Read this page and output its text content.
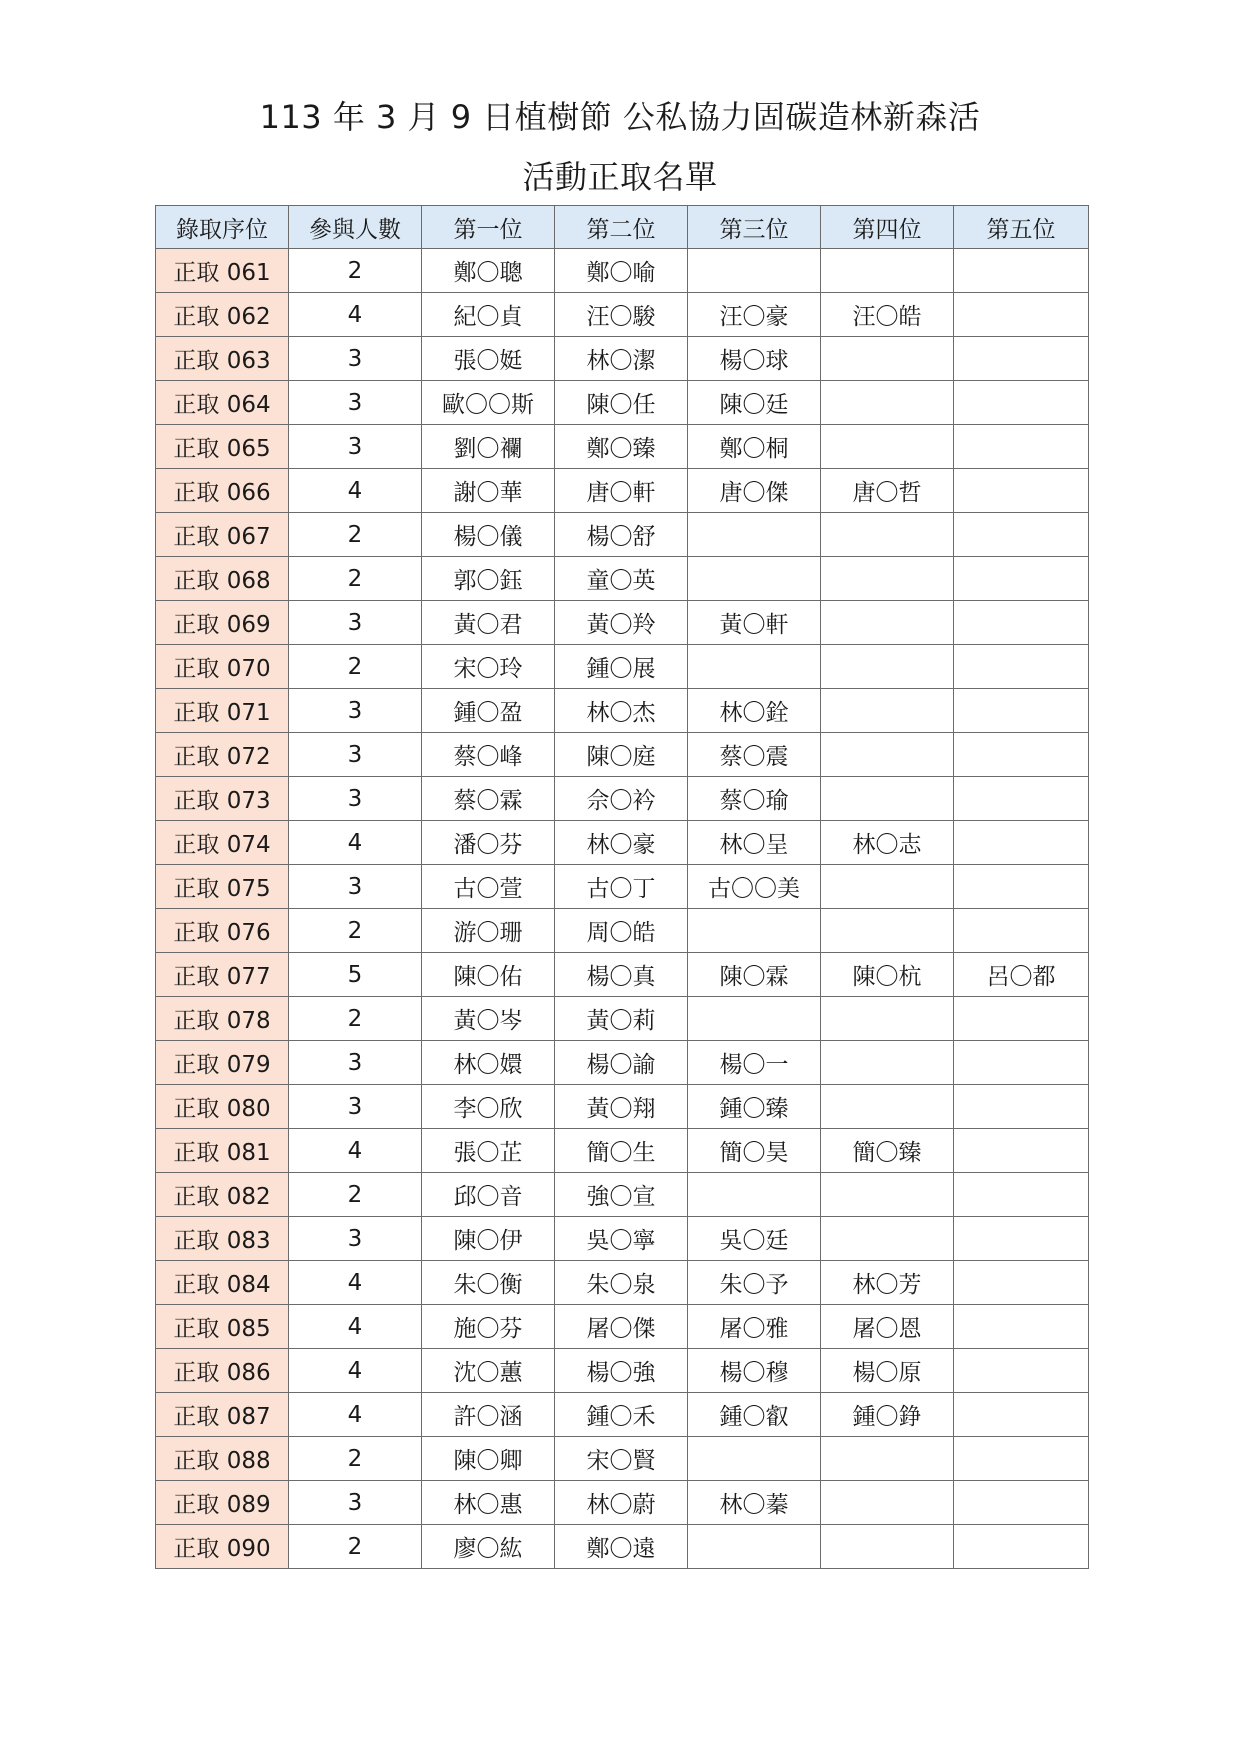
113 年 3 月 9 日植樹節 公私協力固碳造林新森活
活動正取名單
錄取序位	參與人數	第一位	第二位	第三位	第四位	第五位
正取 061	2	鄭〇聰	鄭〇喻			
正取 062	4	紀〇貞	汪〇駿	汪〇豪	汪〇皓	
正取 063	3	張〇娗	林〇潔	楊〇球		
正取 064	3	歐〇〇斯	陳〇任	陳〇廷		
正取 065	3	劉〇襴	鄭〇臻	鄭〇桐		
正取 066	4	謝〇華	唐〇軒	唐〇傑	唐〇哲	
正取 067	2	楊〇儀	楊〇舒			
正取 068	2	郭〇鈺	童〇英			
正取 069	3	黃〇君	黃〇羚	黃〇軒		
正取 070	2	宋〇玲	鍾〇展			
正取 071	3	鍾〇盈	林〇杰	林〇銓		
正取 072	3	蔡〇峰	陳〇庭	蔡〇震		
正取 073	3	蔡〇霖	佘〇衿	蔡〇瑜		
正取 074	4	潘〇芬	林〇豪	林〇呈	林〇志	
正取 075	3	古〇萱	古〇丁	古〇〇美		
正取 076	2	游〇珊	周〇皓			
正取 077	5	陳〇佑	楊〇真	陳〇霖	陳〇杭	呂〇都
正取 078	2	黃〇岑	黃〇莉			
正取 079	3	林〇嬛	楊〇諭	楊〇一		
正取 080	3	李〇欣	黃〇翔	鍾〇臻		
正取 081	4	張〇芷	簡〇生	簡〇昊	簡〇臻	
正取 082	2	邱〇音	強〇宣			
正取 083	3	陳〇伊	吳〇寧	吳〇廷		
正取 084	4	朱〇衡	朱〇泉	朱〇予	林〇芳	
正取 085	4	施〇芬	屠〇傑	屠〇雅	屠〇恩	
正取 086	4	沈〇蕙	楊〇強	楊〇穆	楊〇原	
正取 087	4	許〇涵	鍾〇禾	鍾〇叡	鍾〇錚	
正取 088	2	陳〇卿	宋〇賢			
正取 089	3	林〇惠	林〇蔚	林〇蓁		
正取 090	2	廖〇紘	鄭〇遠			
